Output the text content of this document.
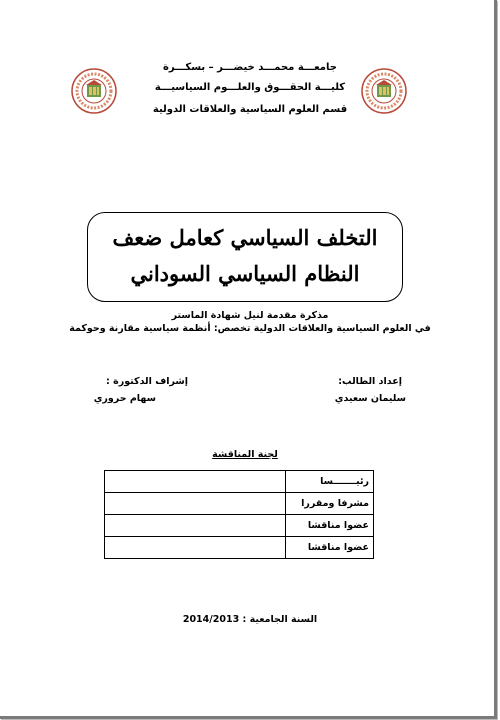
جامعـــة محمـــد خيضـــر – بسكـــرة
كليـــة الحقـــوق والعلـــوم السياسيـــة
قسم العلوم السياسية والعلاقات الدولية
التخلف السياسي كعامل ضعف
النظام السياسي السوداني
مذكرة مقدمة لنيل شهادة الماستر
في العلوم السياسية والعلاقات الدولية تخصص: أنظمة سياسية مقارنة وحوكمة
إعداد الطالب:
سليمان سعيدي
إشراف الدكتورة :
سهام حروري
لجنة المناقشة
	رئيـــــــسا
	مشرفا ومقررا
	عضوا مناقشا
	عضوا مناقشا
السنة الجامعية : 2014/2013
